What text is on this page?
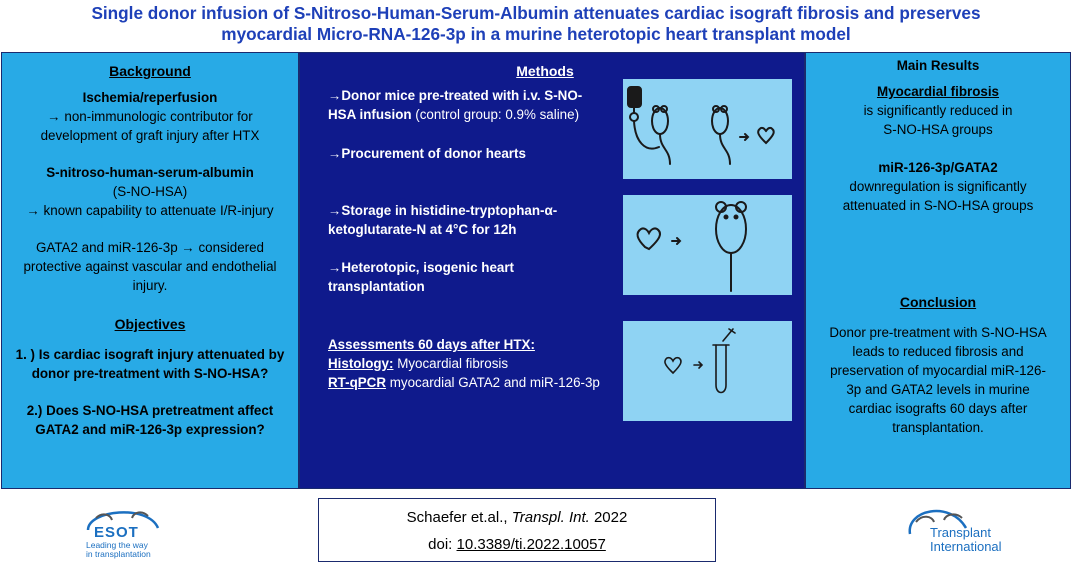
Single donor infusion of S-Nitroso-Human-Serum-Albumin attenuates cardiac isograft fibrosis and preserves
myocardial Micro-RNA-126-3p in a murine heterotopic heart transplant model
Background
Ischemia/reperfusion
→ non-immunologic contributor for
development of graft injury after HTX
S-nitroso-human-serum-albumin
(S-NO-HSA)
→ known capability to attenuate I/R-injury
GATA2 and miR-126-3p → considered
protective against vascular and endothelial
injury.
Objectives
1. ) Is cardiac isograft injury attenuated by
donor pre-treatment with S-NO-HSA?
2.) Does S-NO-HSA pretreatment affect
GATA2 and miR-126-3p expression?
Methods
→Donor mice pre-treated with i.v. S-NO-
HSA infusion (control group: 0.9% saline)
→Procurement of donor hearts
→Storage in histidine-tryptophan-α-
ketoglutarate-N at 4°C for 12h
→Heterotopic, isogenic heart
transplantation
Assessments 60 days after HTX:
Histology: Myocardial fibrosis
RT-qPCR myocardial GATA2 and miR-126-3p
Main Results
Myocardial fibrosis
is significantly reduced in
S-NO-HSA groups
miR-126-3p/GATA2
downregulation is significantly
attenuated in S-NO-HSA groups
Conclusion
Donor pre-treatment with S-NO-HSA
leads to reduced fibrosis and
preservation of myocardial miR-126-
3p and GATA2 levels in murine
cardiac isografts 60 days after
transplantation.
Schaefer et.al., Transpl. Int. 2022
doi: 10.3389/ti.2022.10057
ESOT
Leading the way
in transplantation
Transplant
International
